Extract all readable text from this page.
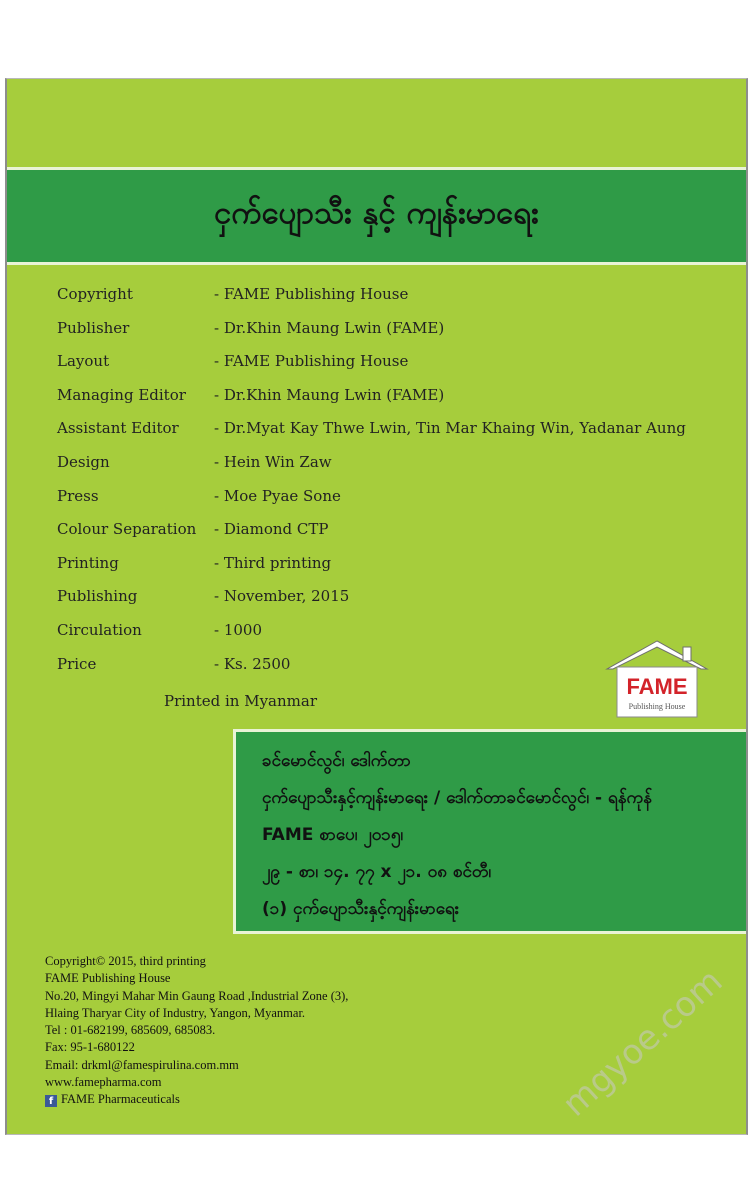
ငှက်ပျောသီး နှင့် ကျန်းမာရေး
Copyright	- FAME Publishing House
Publisher	- Dr.Khin Maung Lwin (FAME)
Layout	- FAME Publishing House
Managing Editor	- Dr.Khin Maung Lwin (FAME)
Assistant Editor	- Dr.Myat Kay Thwe Lwin, Tin Mar Khaing Win, Yadanar Aung
Design	- Hein Win Zaw
Press	- Moe Pyae Sone
Colour Separation	- Diamond CTP
Printing	- Third printing
Publishing	- November, 2015
Circulation	- 1000
Price	- Ks. 2500
Printed in Myanmar
FAME
Publishing House
ခင်မောင်လွင်၊ ဒေါက်တာ
ငှက်ပျောသီးနှင့်ကျန်းမာရေး / ဒေါက်တာခင်မောင်လွင်၊ - ရန်ကုန်
FAME စာပေ၊ ၂၀၁၅၊
၂၉ - စာ၊ ၁၄. ၇၇ x ၂၁. ၀၈ စင်တီ၊
(၁) ငှက်ပျောသီးနှင့်ကျန်းမာရေး
Copyright© 2015, third printing
FAME Publishing House
No.20, Mingyi Mahar Min Gaung Road ,Industrial Zone (3),
Hlaing Tharyar City of Industry, Yangon, Myanmar.
Tel : 01-682199, 685609, 685083.
Fax: 95-1-680122
Email: drkml@famespirulina.com.mm
www.famepharma.com
f FAME Pharmaceuticals	mgyoe.com
